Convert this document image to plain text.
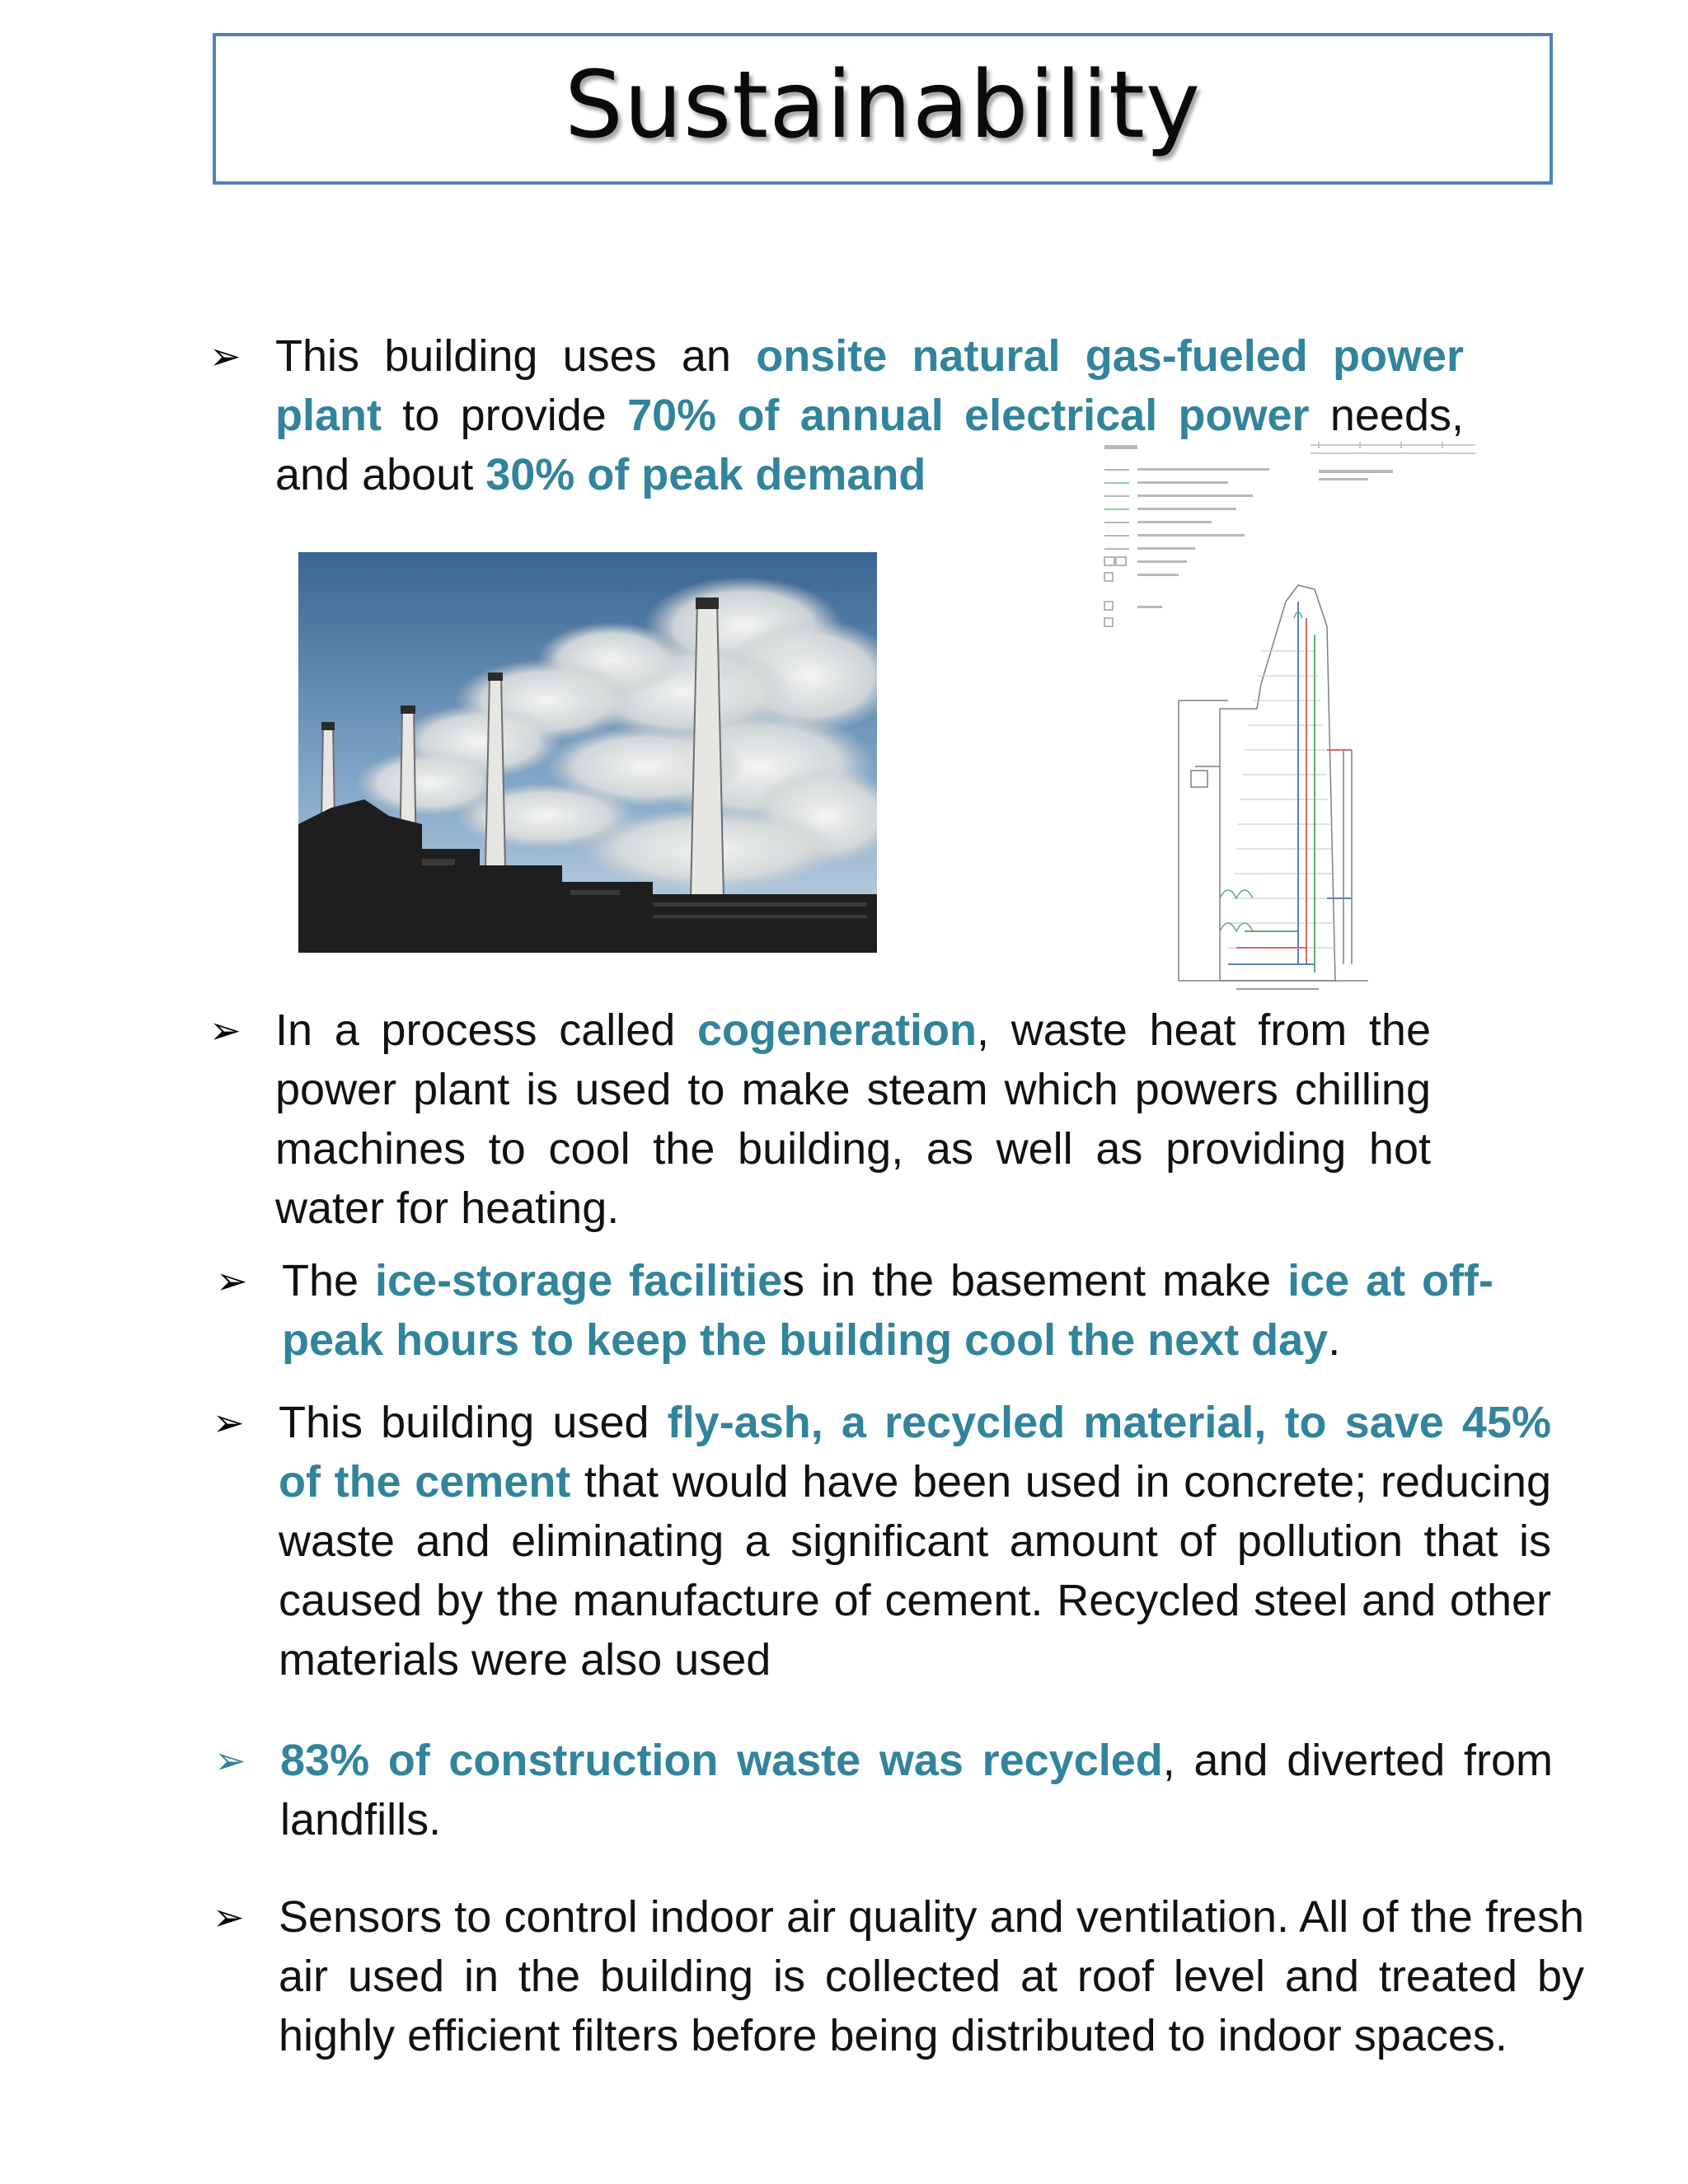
Sustainability
➢ This building uses an onsite natural gas-fueled power plant to provide 70% of annual electrical power needs, and about 30% of peak demand
➢ In a process called cogeneration, waste heat from the power plant is used to make steam which powers chilling machines to cool the building, as well as providing hot water for heating.
➢ The ice-storage facilities in the basement make ice at off-peak hours to keep the building cool the next day.
➢ This building used fly-ash, a recycled material, to save 45% of the cement that would have been used in concrete; reducing waste and eliminating a significant amount of pollution that is caused by the manufacture of cement. Recycled steel and other materials were also used
➢ 83% of construction waste was recycled, and diverted from landfills.
➢ Sensors to control indoor air quality and ventilation. All of the fresh air used in the building is collected at roof level and treated by highly efficient filters before being distributed to indoor spaces.
